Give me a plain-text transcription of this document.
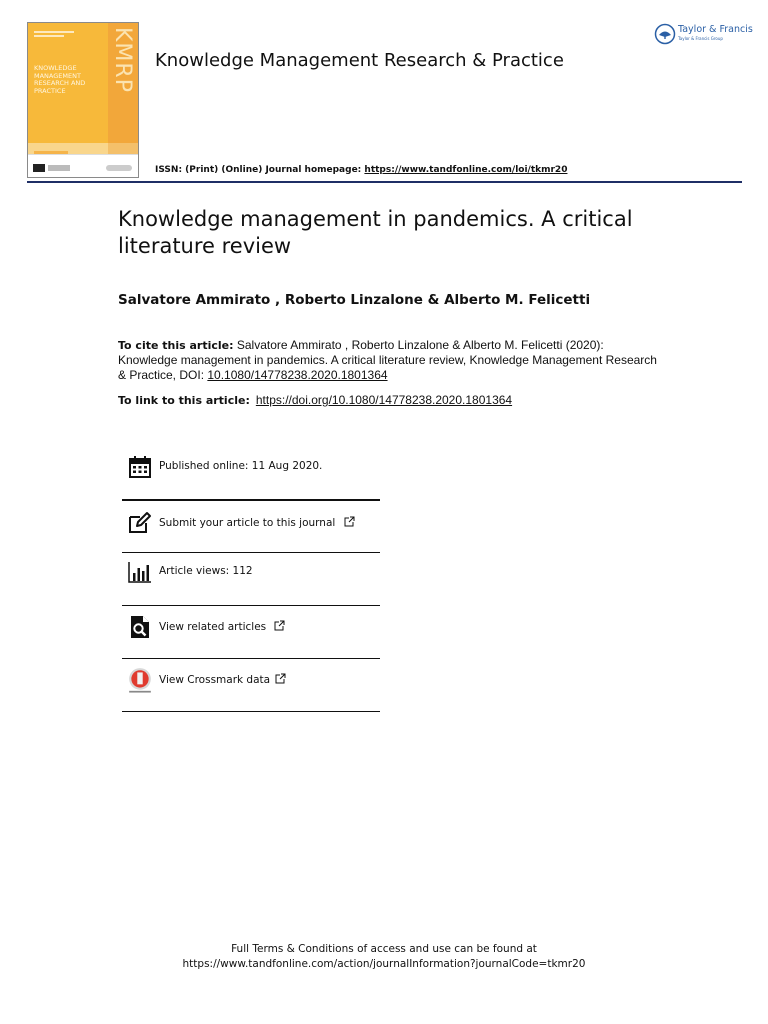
KMRP
KNOWLEDGE MANAGEMENT RESEARCH AND PRACTICE
Knowledge Management Research & Practice
Taylor & Francis
Taylor & Francis Group
ISSN: (Print) (Online) Journal homepage: https://www.tandfonline.com/loi/tkmr20
Knowledge management in pandemics. A critical literature review
Salvatore Ammirato , Roberto Linzalone & Alberto M. Felicetti
To cite this article: Salvatore Ammirato , Roberto Linzalone & Alberto M. Felicetti (2020): Knowledge management in pandemics. A critical literature review, Knowledge Management Research & Practice, DOI: 10.1080/14778238.2020.1801364
To link to this article: https://doi.org/10.1080/14778238.2020.1801364
Published online: 11 Aug 2020.
Submit your article to this journal
Article views: 112
View related articles
View Crossmark data
Full Terms & Conditions of access and use can be found at
https://www.tandfonline.com/action/journalInformation?journalCode=tkmr20
